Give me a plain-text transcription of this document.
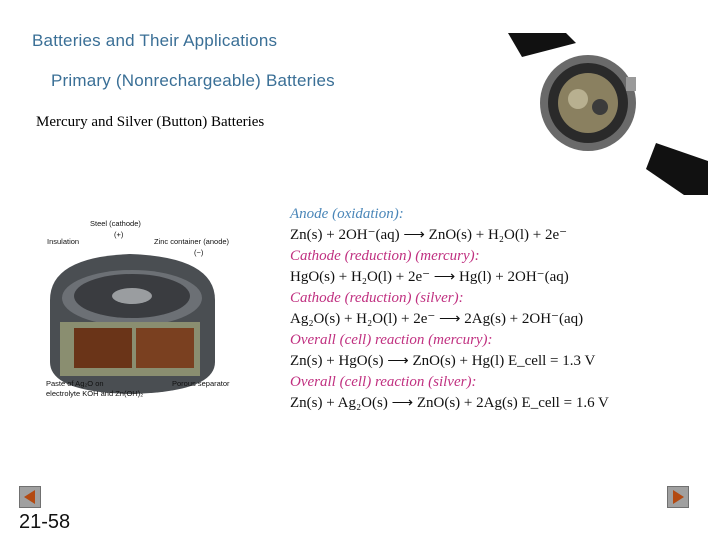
Batteries and Their Applications
Primary (Nonrechargeable) Batteries
Mercury and Silver (Button) Batteries
Steel (cathode)
(+)
Insulation	Zinc container (anode)
(−)
Paste of Ag₂O on
electrolyte KOH and Zn(OH)₂
Porous separator
Anode (oxidation):
Zn(s) + 2OH⁻(aq) ⟶ ZnO(s) + H₂O(l) + 2e⁻
Cathode (reduction) (mercury):
HgO(s) + H₂O(l) + 2e⁻ ⟶ Hg(l) + 2OH⁻(aq)
Cathode (reduction) (silver):
Ag₂O(s) + H₂O(l) + 2e⁻ ⟶ 2Ag(s) + 2OH⁻(aq)
Overall (cell) reaction (mercury):
Zn(s) + HgO(s) ⟶ ZnO(s) + Hg(l) E_cell = 1.3 V
Overall (cell) reaction (silver):
Zn(s) + Ag₂O(s) ⟶ ZnO(s) + 2Ag(s) E_cell = 1.6 V
21-58
